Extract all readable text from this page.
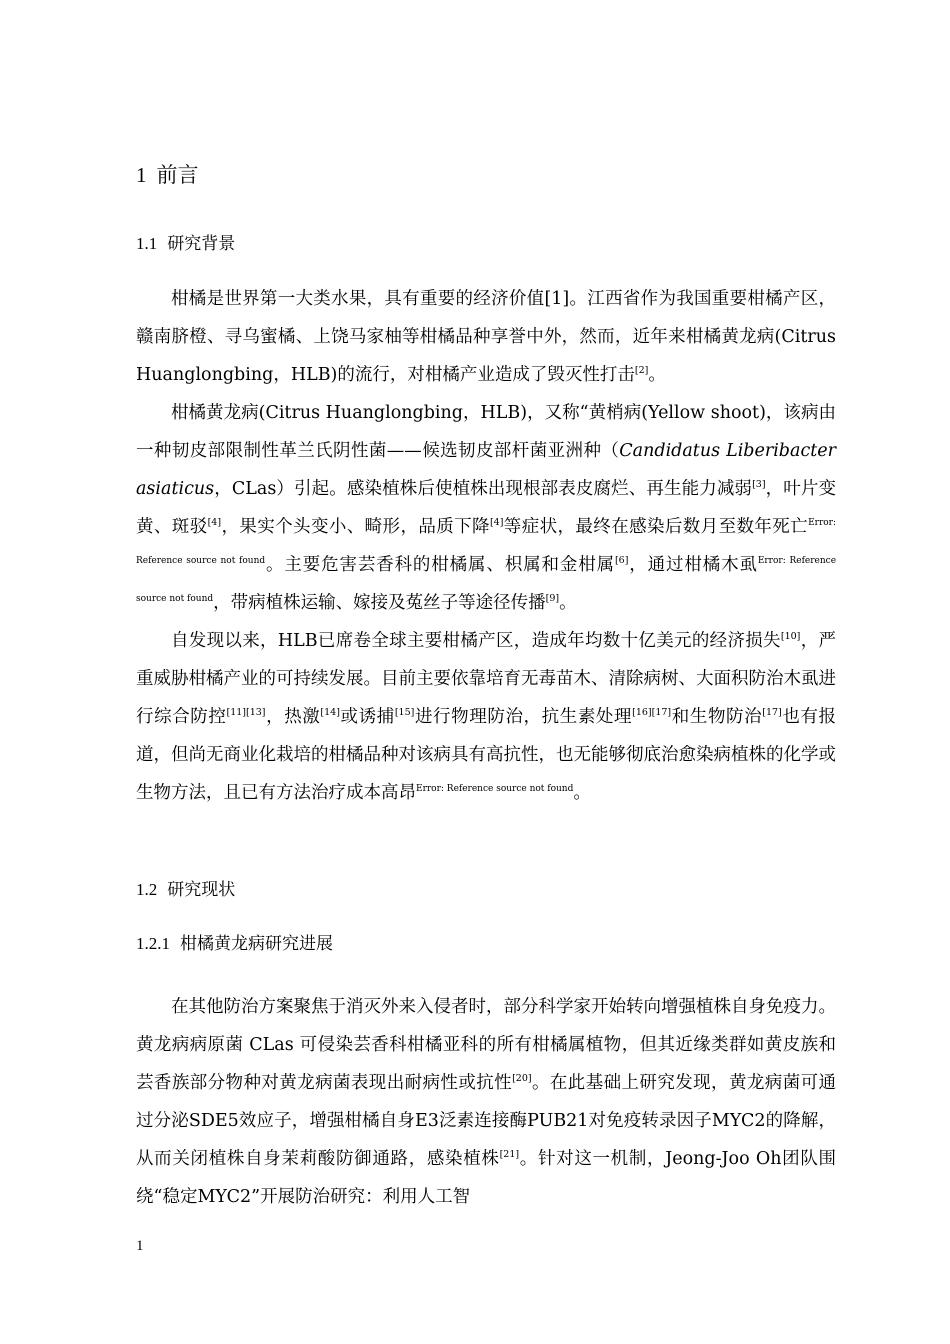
1 前言
1.1 研究背景

柑橘是世界第一大类水果，具有重要的经济价值[1]。江西省作为我国重要柑橘产区，赣南脐橙、寻乌蜜橘、上饶马家柚等柑橘品种享誉中外，然而，近年来柑橘黄龙病(Citrus Huanglongbing，HLB)的流行，对柑橘产业造成了毁灭性打击[2]。

柑橘黄龙病(Citrus Huanglongbing，HLB)，又称“黄梢病(Yellow shoot)，该病由一种韧皮部限制性革兰氏阴性菌——候选韧皮部杆菌亚洲种（Candidatus Liberibacter asiaticus，CLas）引起。感染植株后使植株出现根部表皮腐烂、再生能力减弱[3]，叶片变黄、斑驳[4]，果实个头变小、畸形，品质下降[4]等症状，最终在感染后数月至数年死亡$^{Error: Reference source not found}$。主要危害芸香科的柑橘属、枳属和金柑属[6]，通过柑橘木虱$^{Error: Reference source not found}$，带病植株运输、嫁接及菟丝子等途径传播[9]。

自发现以来，HLB已席卷全球主要柑橘产区，造成年均数十亿美元的经济损失[10]，严重威胁柑橘产业的可持续发展。目前主要依靠培育无毒苗木、清除病树、大面积防治木虱进行综合防控[11][13]，热激[14]或诱捕[15]进行物理防治，抗生素处理[16][17]和生物防治[17]也有报道，但尚无商业化栽培的柑橘品种对该病具有高抗性，也无能够彻底治愈染病植株的化学或生物方法，且已有方法治疗成本高昂$^{Error: Reference source not found}$。

1.2 研究现状
1.2.1 柑橘黄龙病研究进展

在其他防治方案聚焦于消灭外来入侵者时，部分科学家开始转向增强植株自身免疫力。黄龙病病原菌 CLas 可侵染芸香科柑橘亚科的所有柑橘属植物，但其近缘类群如黄皮族和芸香族部分物种对黄龙病菌表现出耐病性或抗性[20]。在此基础上研究发现，黄龙病菌可通过分泌SDE5效应子，增强柑橘自身E3泛素连接酶PUB21对免疫转录因子MYC2的降解，从而关闭植株自身茉莉酸防御通路，感染植株[21]。针对这一机制，Jeong-Joo Oh团队围绕“稳定MYC2”开展防治研究：利用人工智

1
